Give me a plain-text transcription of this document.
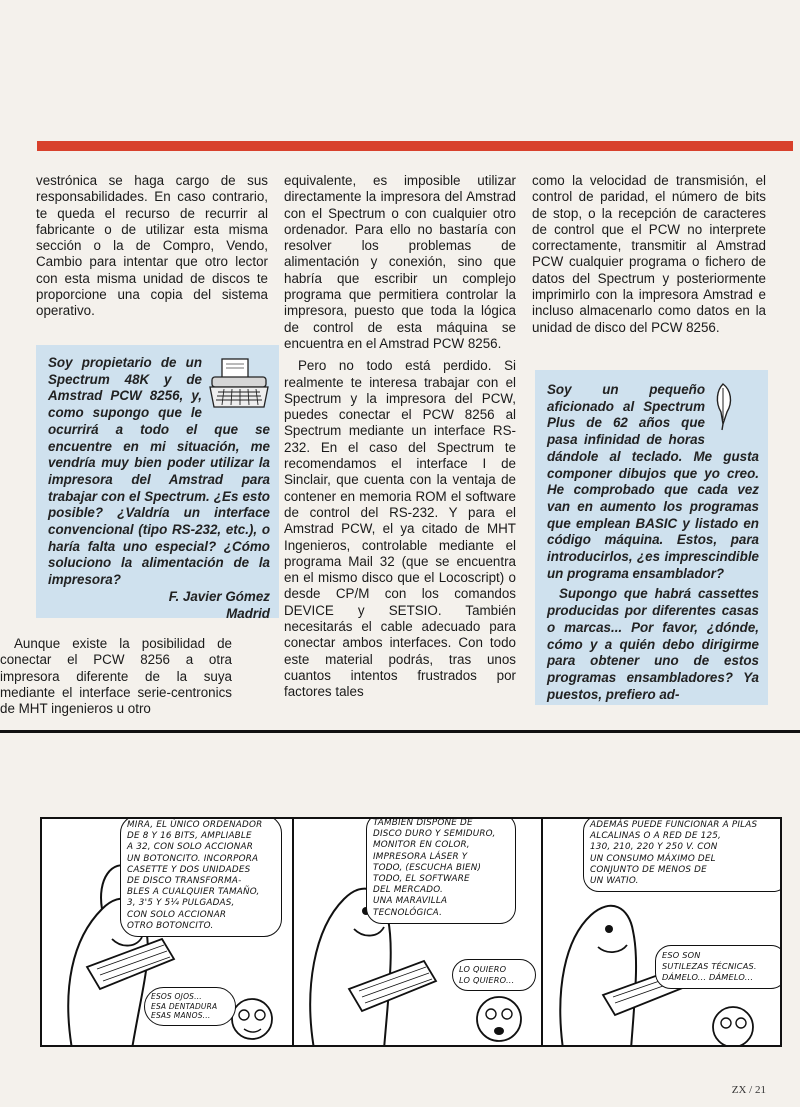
vestrónica se haga cargo de sus responsabilidades. En caso contrario, te queda el recurso de recurrir al fabricante o de utilizar esta misma sección o la de Compro, Vendo, Cambio para intentar que otro lector con esta misma unidad de discos te proporcione una copia del sistema operativo.

Soy propietario de un Spectrum 48K y de Amstrad PCW 8256, y, como supongo que le ocurrirá a todo el que se encuentre en mi situación, me vendría muy bien poder utilizar la impresora del Amstrad para trabajar con el Spectrum. ¿Es esto posible? ¿Valdría un interface convencional (tipo RS-232, etc.), o haría falta uno especial? ¿Cómo soluciono la alimentación de la impresora?
F. Javier Gómez
Madrid

Aunque existe la posibilidad de conectar el PCW 8256 a otra impresora diferente de la suya mediante el interface serie-centronics de MHT ingenieros u otro

equivalente, es imposible utilizar directamente la impresora del Amstrad con el Spectrum o con cualquier otro ordenador. Para ello no bastaría con resolver los problemas de alimentación y conexión, sino que habría que escribir un complejo programa que permitiera controlar la impresora, puesto que toda la lógica de control de esta máquina se encuentra en el Amstrad PCW 8256.

Pero no todo está perdido. Si realmente te interesa trabajar con el Spectrum y la impresora del PCW, puedes conectar el PCW 8256 al Spectrum mediante un interface RS-232. En el caso del Spectrum te recomendamos el interface I de Sinclair, que cuenta con la ventaja de contener en memoria ROM el software de control del RS-232. Y para el Amstrad PCW, el ya citado de MHT Ingenieros, controlable mediante el programa Mail 32 (que se encuentra en el mismo disco que el Locoscript) o desde CP/M con los comandos DEVICE y SETSIO. También necesitarás el cable adecuado para conectar ambos interfaces. Con todo este material podrás, tras unos cuantos intentos frustrados por factores tales

como la velocidad de transmisión, el control de paridad, el número de bits de stop, o la recepción de caracteres de control que el PCW no interprete correctamente, transmitir al Amstrad PCW cualquier programa o fichero de datos del Spectrum y posteriormente imprimirlo con la impresora Amstrad e incluso almacenarlo como datos en la unidad de disco del PCW 8256.

Soy un pequeño aficionado al Spectrum Plus de 62 años que pasa infinidad de horas dándole al teclado. Me gusta componer dibujos que yo creo. He comprobado que cada vez van en aumento los programas que emplean BASIC y listado en código máquina. Estos, para introducirlos, ¿es imprescindible un programa ensamblador?
Supongo que habrá cassettes producidas por diferentes casas o marcas... Por favor, ¿dónde, cómo y a quién debo dirigirme para obtener uno de estos programas ensambladores? Ya puestos, prefiero ad-
MIRA, EL ÚNICO ORDENADOR
DE 8 Y 16 BITS, AMPLIABLE
A 32, CON SOLO ACCIONAR
UN BOTONCITO. INCORPORA
CASETTE Y DOS UNIDADES
DE DISCO TRANSFORMA-
BLES A CUALQUIER TAMAÑO,
3, 3'5 Y 5¼ PULGADAS,
CON SOLO ACCIONAR
OTRO BOTONCITO.
ESOS OJOS...
ESA DENTADURA
ESAS MANOS...
TAMBIÉN DISPONE DE
DISCO DURO Y SEMIDURO,
MONITOR EN COLOR,
IMPRESORA LÁSER Y
TODO, (ESCUCHA BIEN)
TODO, EL SOFTWARE
DEL MERCADO.
UNA MARAVILLA
TECNOLÓGICA.
LO QUIERO
LO QUIERO...
ADEMÁS PUEDE FUNCIONAR A PILAS
ALCALINAS O A RED DE 125,
130, 210, 220 Y 250 V. CON
UN CONSUMO MÁXIMO DEL
CONJUNTO DE MENOS DE
UN WATIO.
ESO SON
SUTILEZAS TÉCNICAS.
DÁMELO... DÁMELO...
ZX / 21
